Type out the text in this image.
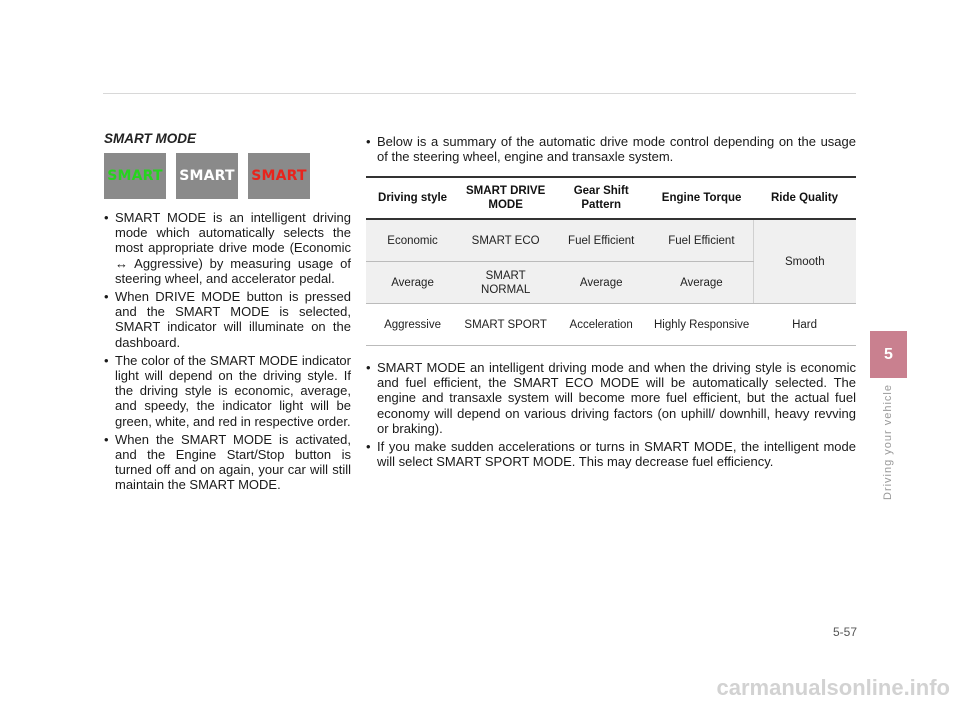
SMART MODE
SMART SMART SMART
• SMART MODE is an intelligent driving mode which automatically selects the most appropriate drive mode (Economic ↔ Aggressive) by measuring usage of steering wheel, and accelerator pedal.
• When DRIVE MODE button is pressed and the SMART MODE is selected, SMART indicator will illuminate on the dashboard.
• The color of the SMART MODE indicator light will depend on the driving style. If the driving style is economic, average, and speedy, the indicator light will be green, white, and red in respective order.
• When the SMART MODE is activated, and the Engine Start/Stop button is turned off and on again, your car will still maintain the SMART MODE.
• Below is a summary of the automatic drive mode control depending on the usage of the steering wheel, engine and transaxle system.
Driving style	SMART DRIVE MODE	Gear Shift Pattern	Engine Torque	Ride Quality
Economic	SMART ECO	Fuel Efficient	Fuel Efficient	Smooth
Average	SMART NORMAL	Average	Average	
Aggressive	SMART SPORT	Acceleration	Highly Responsive	Hard
• SMART MODE an intelligent driving mode and when the driving style is economic and fuel efficient, the SMART ECO MODE will be automatically selected. The engine and transaxle system will become more fuel efficient, but the actual fuel economy will depend on various driving factors (on uphill/ downhill, heavy revving or braking).
• If you make sudden accelerations or turns in SMART MODE, the intelligent mode will select SMART SPORT MODE. This may decrease fuel efficiency.
5
Driving your vehicle
5-57
carmanualsonline.info
